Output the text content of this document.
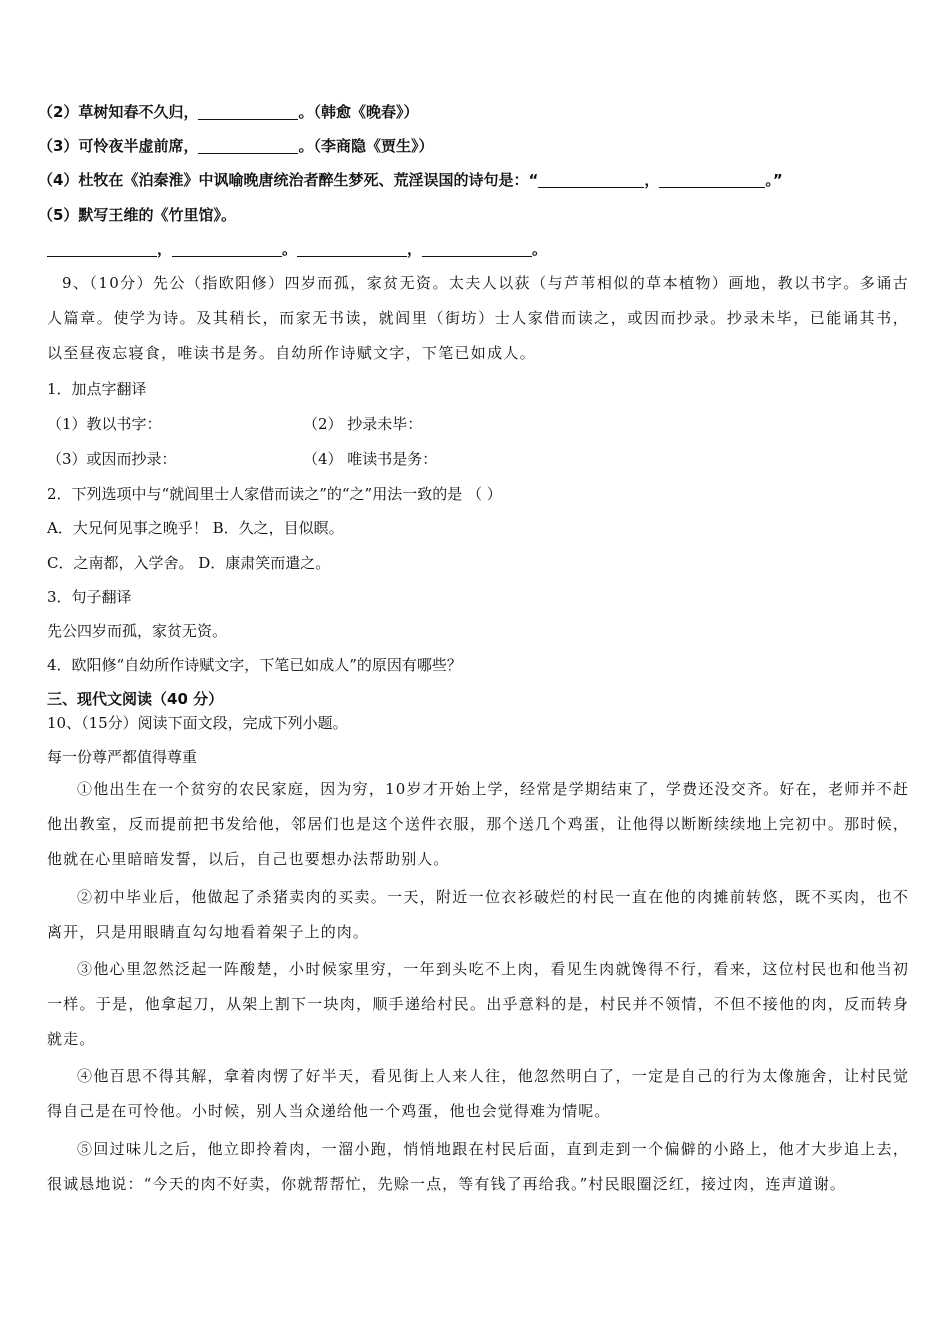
（2）草树知春不久归，	。（韩愈《晚春》）
（3）可怜夜半虚前席，	。（李商隐《贾生》）
（4）杜牧在《泊秦淮》中讽喻晚唐统治者醉生梦死、荒淫误国的诗句是：“	，	。”
（5）默写王维的《竹里馆》。
，	。	，	。
9、（10分）先公（指欧阳修）四岁而孤，家贫无资。太夫人以荻（与芦苇相似的草本植物）画地，教以书字。多诵古人篇章。使学为诗。及其稍长，而家无书读，就闾里（街坊）士人家借而读之，或因而抄录。抄录未毕，已能诵其书，以至昼夜忘寝食，唯读书是务。自幼所作诗赋文字，下笔已如成人。
1．加点字翻译
（1）教以书字：	（2） 抄录未毕：
（3）或因而抄录：	（4） 唯读书是务：
2．下列选项中与“就闾里士人家借而读之”的“之”用法一致的是 （ ）
A．大兄何见事之晚乎！ B．久之，目似瞑。
C．之南都，入学舍。 D．康肃笑而遣之。
3．句子翻译
先公四岁而孤，家贫无资。
4．欧阳修“自幼所作诗赋文字，下笔已如成人”的原因有哪些？
三、现代文阅读（40 分）
10、（15分）阅读下面文段，完成下列小题。
每一份尊严都值得尊重
①他出生在一个贫穷的农民家庭，因为穷，10岁才开始上学，经常是学期结束了，学费还没交齐。好在，老师并不赶他出教室，反而提前把书发给他，邻居们也是这个送件衣服，那个送几个鸡蛋，让他得以断断续续地上完初中。那时候，他就在心里暗暗发誓，以后，自己也要想办法帮助别人。
②初中毕业后，他做起了杀猪卖肉的买卖。一天，附近一位衣衫破烂的村民一直在他的肉摊前转悠，既不买肉，也不离开，只是用眼睛直勾勾地看着架子上的肉。
③他心里忽然泛起一阵酸楚，小时候家里穷，一年到头吃不上肉，看见生肉就馋得不行，看来，这位村民也和他当初一样。于是，他拿起刀，从架上割下一块肉，顺手递给村民。出乎意料的是，村民并不领情，不但不接他的肉，反而转身就走。
④他百思不得其解，拿着肉愣了好半天，看见街上人来人往，他忽然明白了，一定是自己的行为太像施舍，让村民觉得自己是在可怜他。小时候，别人当众递给他一个鸡蛋，他也会觉得难为情呢。
⑤回过味儿之后，他立即拎着肉，一溜小跑，悄悄地跟在村民后面，直到走到一个偏僻的小路上，他才大步追上去，很诚恳地说：“今天的肉不好卖，你就帮帮忙，先赊一点，等有钱了再给我。”村民眼圈泛红，接过肉，连声道谢。
